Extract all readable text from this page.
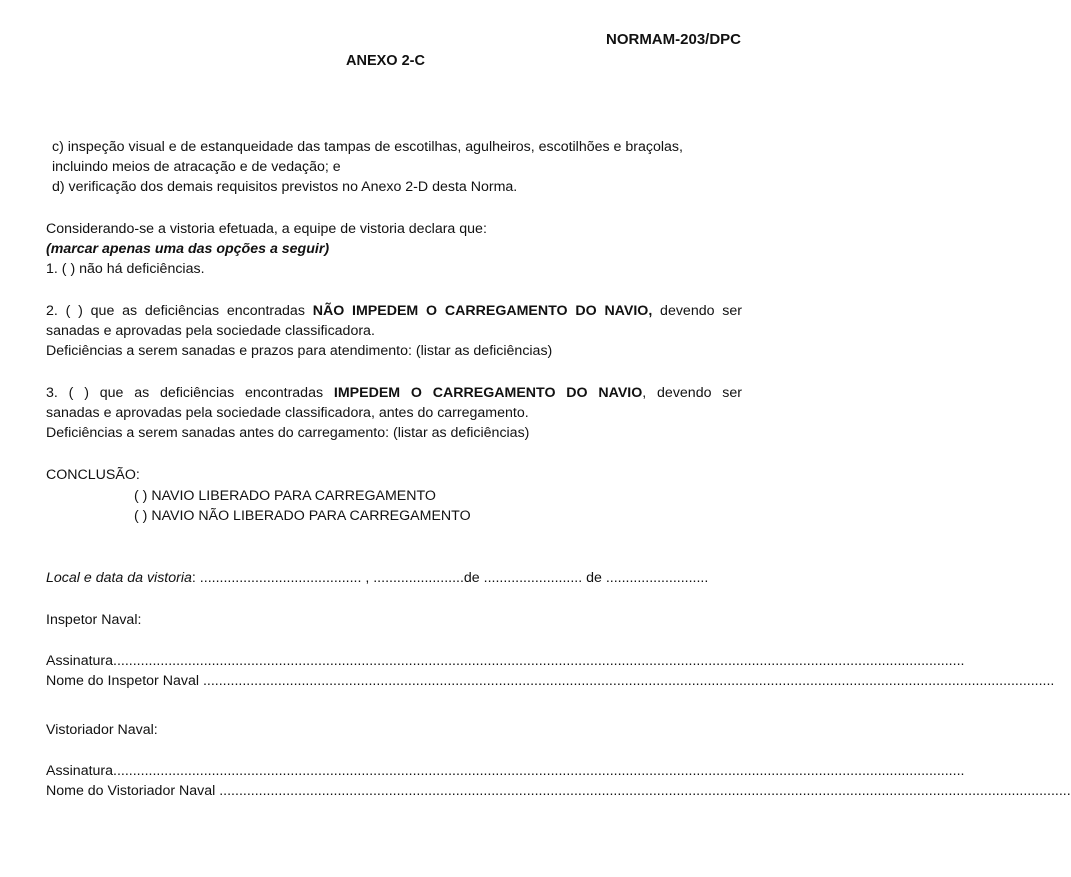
NORMAM-203/DPC
ANEXO 2-C
c) inspeção visual e de estanqueidade das tampas de escotilhas, agulheiros, escotilhões e braçolas,
incluindo meios de atracação e de vedação; e
d) verificação dos demais requisitos previstos no Anexo 2-D desta Norma.
Considerando-se a vistoria efetuada, a equipe de vistoria declara que:
(marcar apenas uma das opções a seguir)
1. ( ) não há deficiências.
2. ( ) que as deficiências encontradas NÃO IMPEDEM O CARREGAMENTO DO NAVIO, devendo ser
sanadas e aprovadas pela sociedade classificadora.
Deficiências a serem sanadas e prazos para atendimento: (listar as deficiências)
3. ( ) que as deficiências encontradas IMPEDEM O CARREGAMENTO DO NAVIO, devendo ser
sanadas e aprovadas pela sociedade classificadora, antes do carregamento.
Deficiências a serem sanadas antes do carregamento: (listar as deficiências)
CONCLUSÃO:
( ) NAVIO LIBERADO PARA CARREGAMENTO
( ) NAVIO NÃO LIBERADO PARA CARREGAMENTO
Local e data da vistoria: ......................................... , .......................de ......................... de ..........................
Inspetor Naval:
Assinatura ........................................................................................................................................................................................................................
Nome do Inspetor Naval ........................................................................................................................................................................................................................
Vistoriador Naval:
Assinatura ........................................................................................................................................................................................................................
Nome do Vistoriador Naval ........................................................................................................................................................................................................................
